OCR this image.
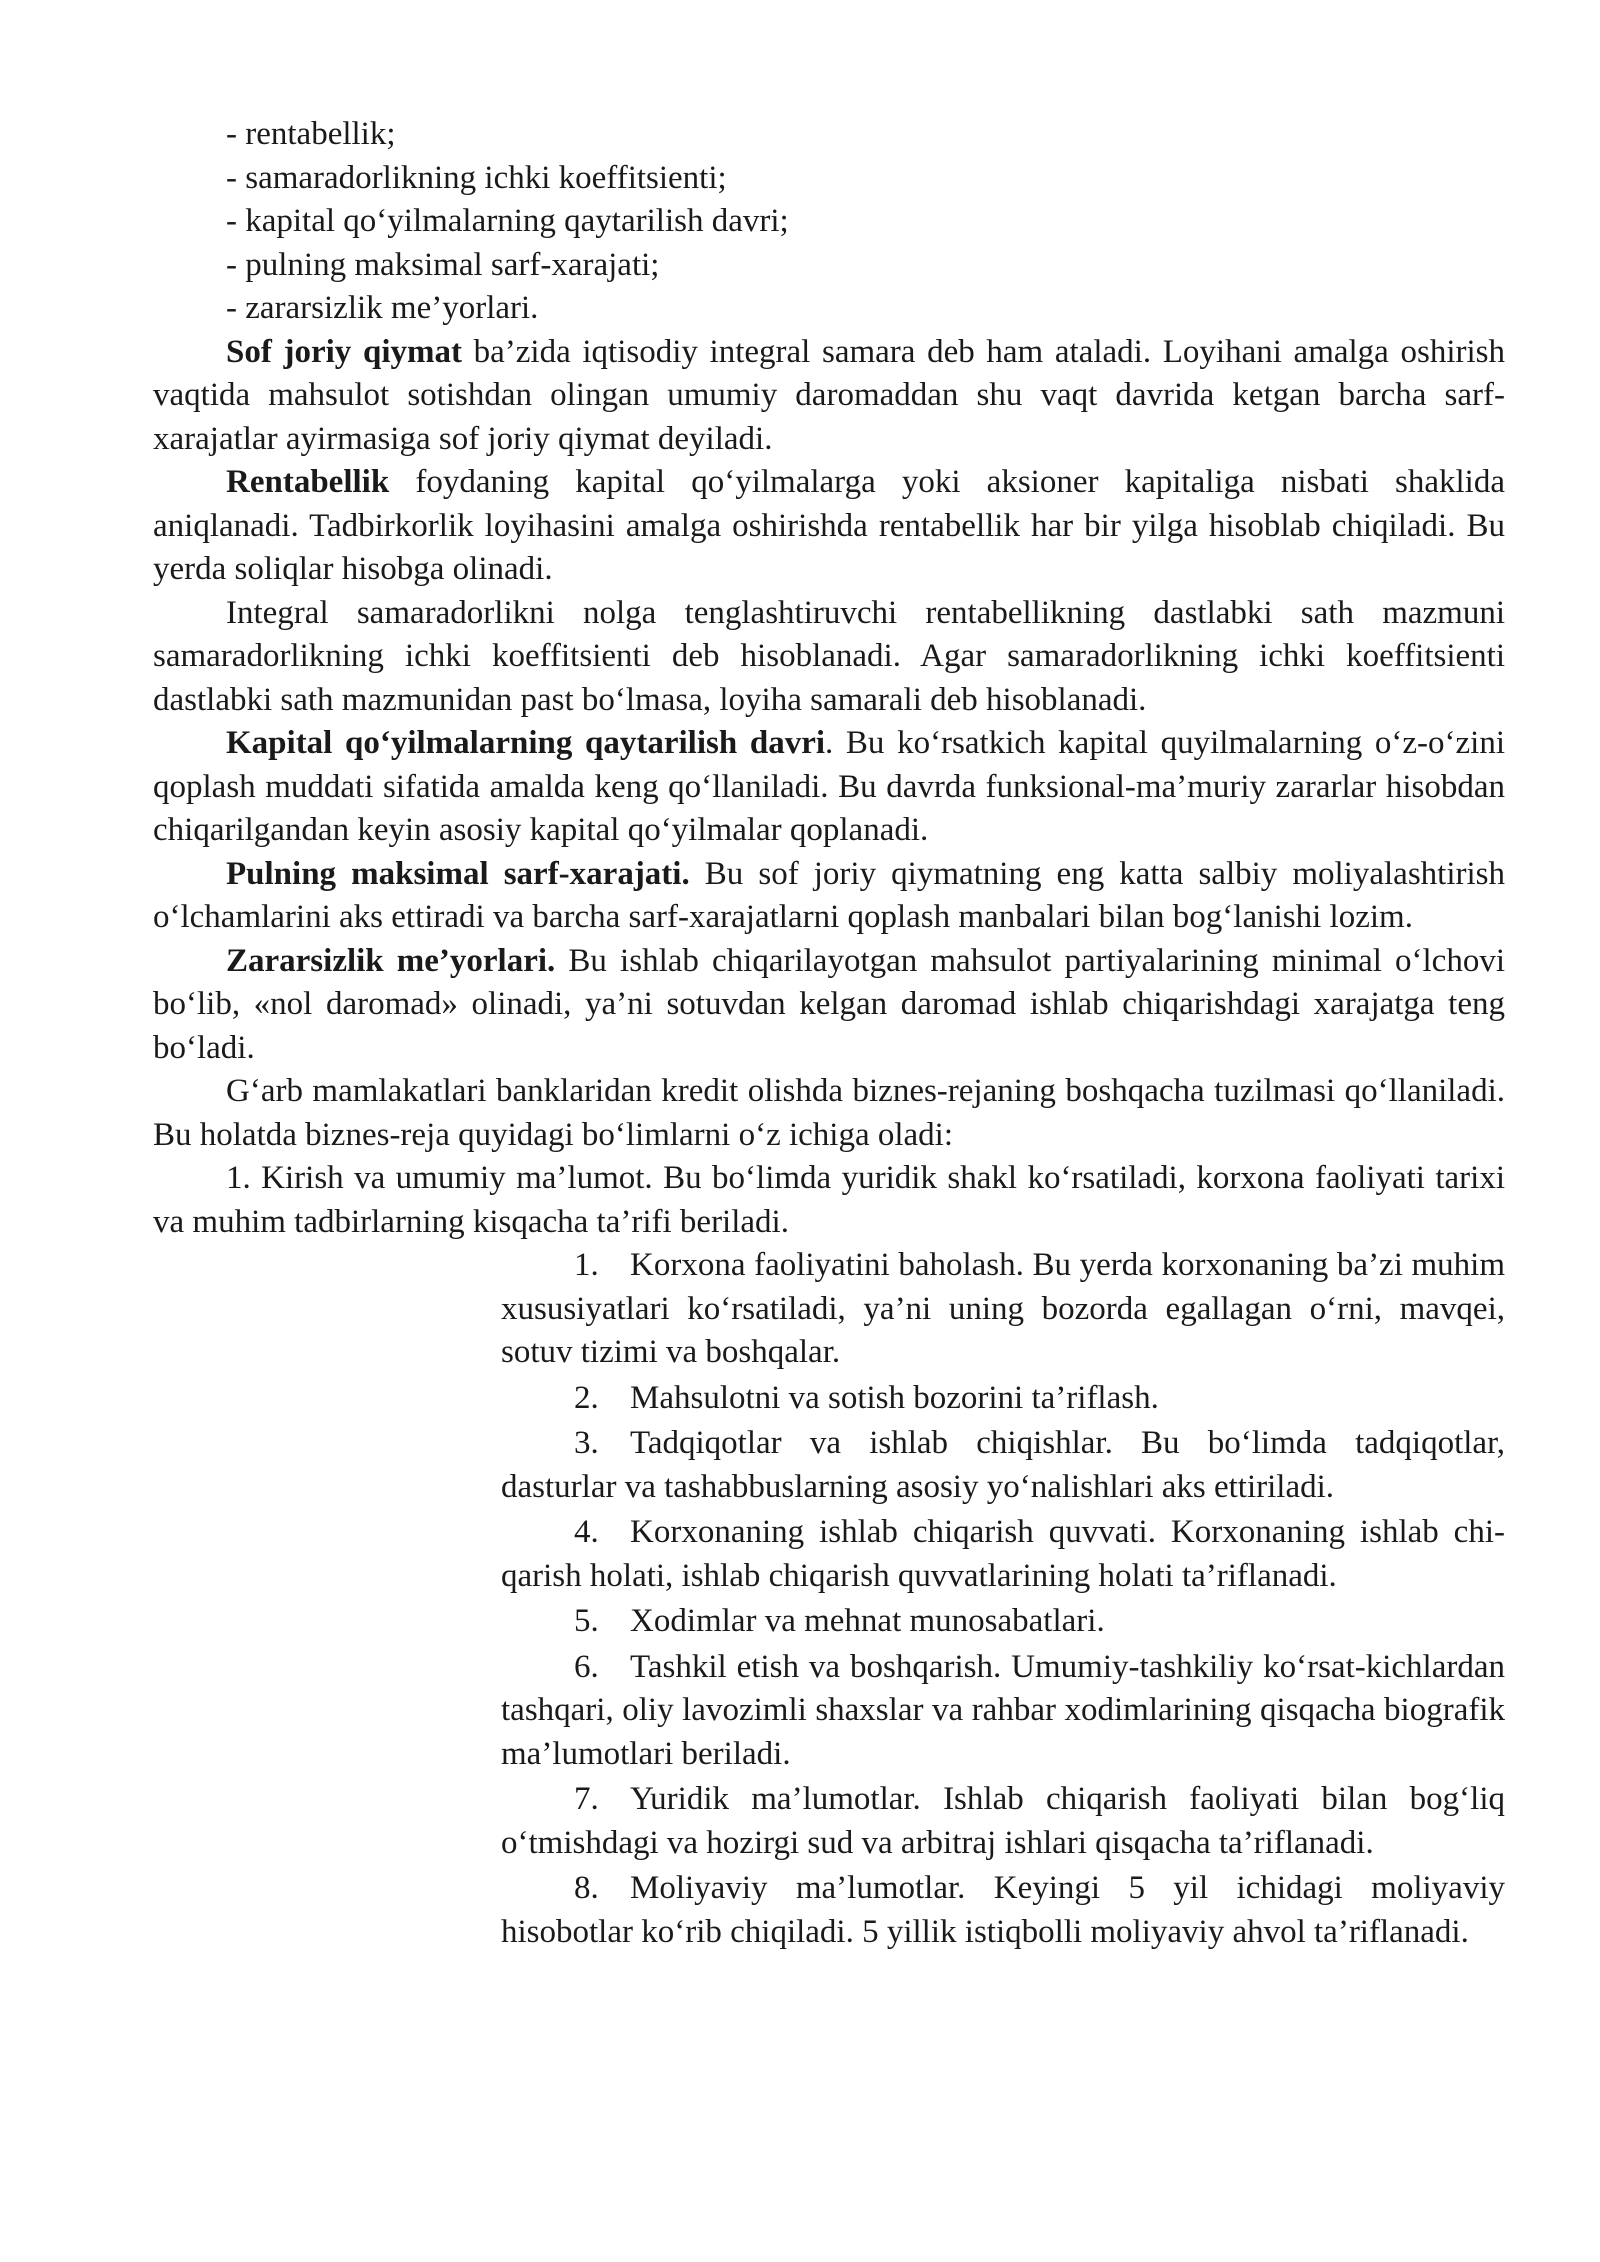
- rentabellik;
- samaradorlikning ichki koeffitsienti;
- kapital qo‘yilmalarning qaytarilish davri;
- pulning maksimal sarf-xarajati;
- zararsizlik me’yorlari.

Sof joriy qiymat ba’zida iqtisodiy integral samara deb ham ataladi. Loyihani amalga oshirish vaqtida mahsulot sotishdan olingan umumiy daromaddan shu vaqt davrida ketgan barcha sarf-xarajatlar ayirmasiga sof joriy qiymat deyiladi.

Rentabellik foydaning kapital qo‘yilmalarga yoki aksioner kapitaliga nisbati shaklida aniqlanadi. Tadbirkorlik loyihasini amalga oshirishda rentabellik har bir yilga hisoblab chiqiladi. Bu yerda soliqlar hisobga olinadi.

Integral samaradorlikni nolga tenglashtiruvchi rentabellikning dastlabki sath mazmuni samaradorlikning ichki koeffitsienti deb hisoblanadi. Agar samaradorlikning ichki koeffitsienti dastlabki sath mazmunidan past bo‘lmasa, loyiha samarali deb hisoblanadi.

Kapital qo‘yilmalarning qaytarilish davri. Bu ko‘rsatkich kapital quyilmalarning o‘z-o‘zini qoplash muddati sifatida amalda keng qo‘llaniladi. Bu davrda funksional-ma’muriy zararlar hisobdan chiqarilgandan keyin asosiy kapital qo‘yilmalar qoplanadi.

Pulning maksimal sarf-xarajati. Bu sof joriy qiymatning eng katta salbiy moliyalashtirish o‘lchamlarini aks ettiradi va barcha sarf-xarajatlarni qoplash manbalari bilan bog‘lanishi lozim.

Zararsizlik me’yorlari. Bu ishlab chiqarilayotgan mahsulot partiyalarining minimal o‘lchovi bo‘lib, «nol daromad» olinadi, ya’ni sotuvdan kelgan daromad ishlab chiqarishdagi xarajatga teng bo‘ladi.

G‘arb mamlakatlari banklaridan kredit olishda biznes-rejaning boshqacha tuzilmasi qo‘llaniladi. Bu holatda biznes-reja quyidagi bo‘limlarni o‘z ichiga oladi:

1. Kirish va umumiy ma’lumot. Bu bo‘limda yuridik shakl ko‘rsatiladi, korxona faoliyati tarixi va muhim tadbirlarning kisqacha ta’rifi beriladi.

1. Korxona faoliyatini baholash. Bu yerda korxonaning ba’zi muhim xususiyatlari ko‘rsatiladi, ya’ni uning bozorda egallagan o‘rni, mavqei, sotuv tizimi va boshqalar.
2. Mahsulotni va sotish bozorini ta’riflash.
3. Tadqiqotlar va ishlab chiqishlar. Bu bo‘limda tadqiqotlar, dasturlar va tashabbuslarning asosiy yo‘nalishlari aks ettiriladi.
4. Korxonaning ishlab chiqarish quvvati. Korxonaning ishlab chi-qarish holati, ishlab chiqarish quvvatlarining holati ta’riflanadi.
5. Xodimlar va mehnat munosabatlari.
6. Tashkil etish va boshqarish. Umumiy-tashkiliy ko‘rsat-kichlardan tashqari, oliy lavozimli shaxslar va rahbar xodimlarining qisqacha biografik ma’lumotlari beriladi.
7. Yuridik ma’lumotlar. Ishlab chiqarish faoliyati bilan bog‘liq o‘tmishdagi va hozirgi sud va arbitraj ishlari qisqacha ta’riflanadi.
8. Moliyaviy ma’lumotlar. Keyingi 5 yil ichidagi moliyaviy hisobotlar ko‘rib chiqiladi. 5 yillik istiqbolli moliyaviy ahvol ta’riflanadi.
